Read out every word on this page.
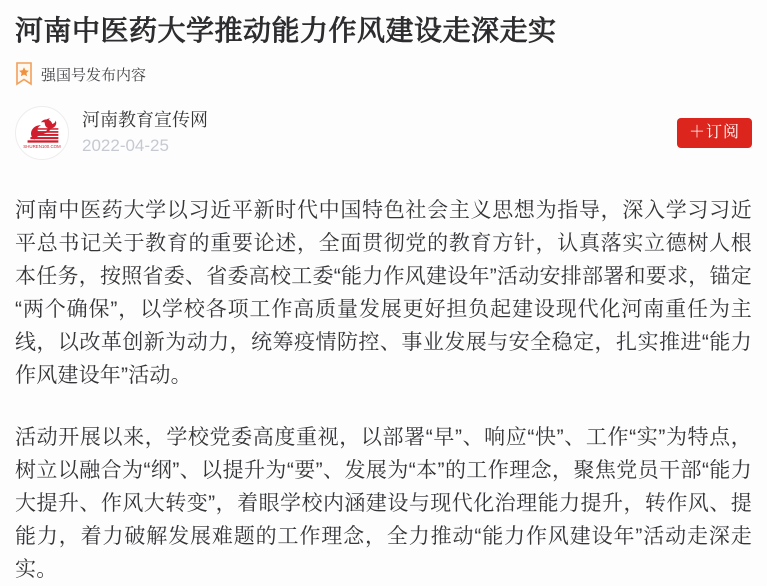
河南中医药大学推动能力作风建设走深走实
强国号发布内容
SHUREN100.COM
河南教育宣传网
2022-04-25
＋订阅

河南中医药大学以习近平新时代中国特色社会主义思想为指导，深入学习习近平总书记关于教育的重要论述，全面贯彻党的教育方针，认真落实立德树人根本任务，按照省委、省委高校工委“能力作风建设年”活动安排部署和要求，锚定“两个确保”，以学校各项工作高质量发展更好担负起建设现代化河南重任为主线，以改革创新为动力，统筹疫情防控、事业发展与安全稳定，扎实推进“能力作风建设年”活动。

活动开展以来，学校党委高度重视，以部署“早”、响应“快”、工作“实”为特点，树立以融合为“纲”、以提升为“要”、发展为“本”的工作理念，聚焦党员干部“能力大提升、作风大转变”，着眼学校内涵建设与现代化治理能力提升，转作风、提能力，着力破解发展难题的工作理念，全力推动“能力作风建设年”活动走深走实。
